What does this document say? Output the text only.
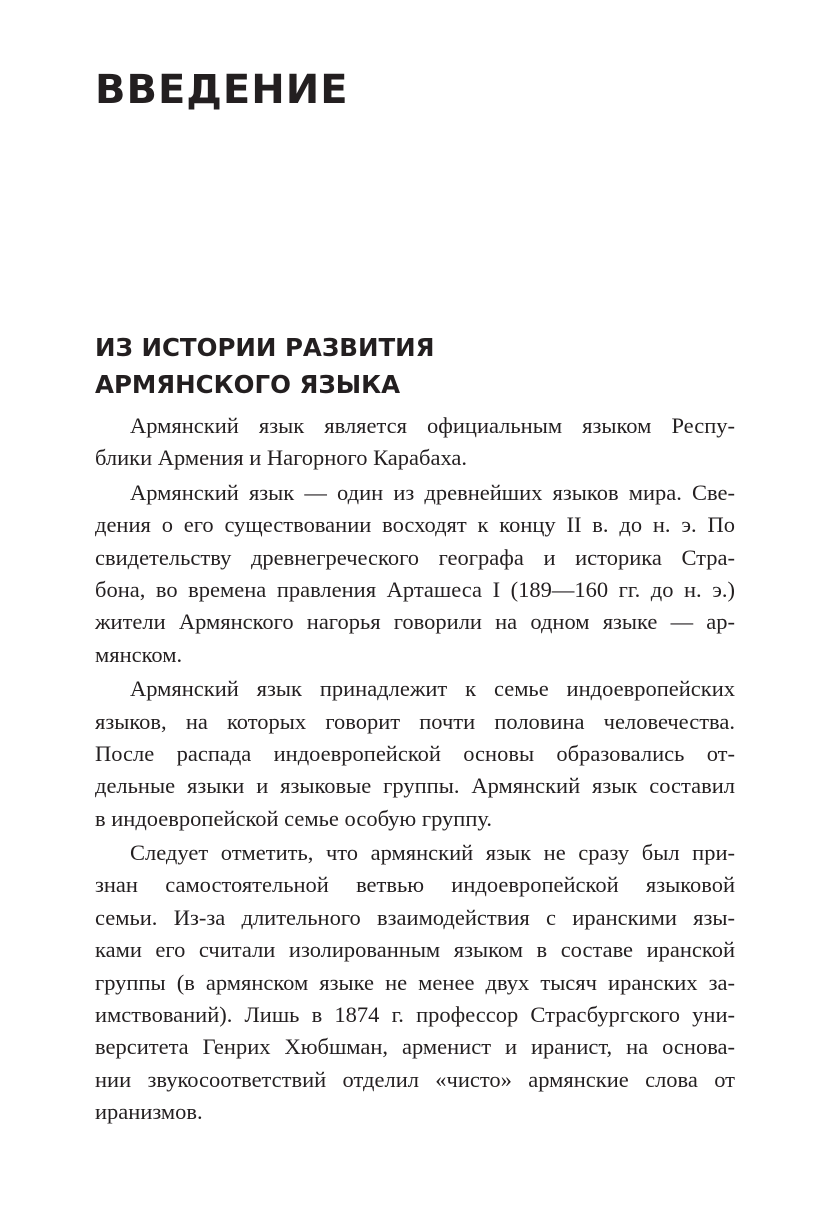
ВВЕДЕНИЕ
ИЗ ИСТОРИИ РАЗВИТИЯ
АРМЯНСКОГО ЯЗЫКА

Армянский язык является официальным языком Респу-
блики Армения и Нагорного Карабаха.

Армянский язык — один из древнейших языков мира. Све-
дения о его существовании восходят к концу II в. до н. э. По
свидетельству древнегреческого географа и историка Стра-
бона, во времена правления Арташеса I (189—160 гг. до н. э.)
жители Армянского нагорья говорили на одном языке — ар-
мянском.

Армянский язык принадлежит к семье индоевропейских
языков, на которых говорит почти половина человечества.
После распада индоевропейской основы образовались от-
дельные языки и языковые группы. Армянский язык составил
в индоевропейской семье особую группу.

Следует отметить, что армянский язык не сразу был при-
знан самостоятельной ветвью индоевропейской языковой
семьи. Из-за длительного взаимодействия с иранскими язы-
ками его считали изолированным языком в составе иранской
группы (в армянском языке не менее двух тысяч иранских за-
имствований). Лишь в 1874 г. профессор Страсбургского уни-
верситета Генрих Хюбшман, арменист и иранист, на основа-
нии звукосоответствий отделил «чисто» армянские слова от
иранизмов.
